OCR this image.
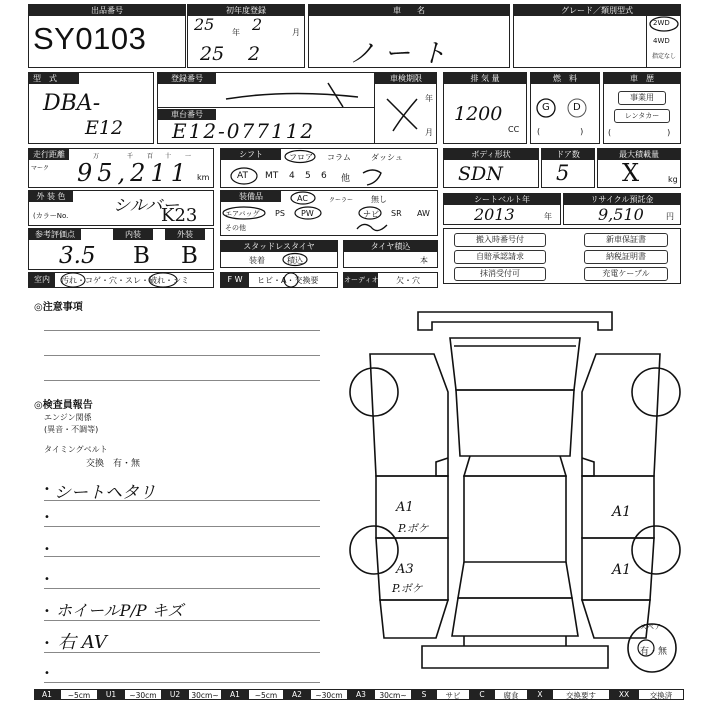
出品番号
SY0103
初年度登録
25 年 2	月
25 2
車　　名
ノート
グレード／類別型式
2WD
4WD
指定なし
型　式
DBA-
E12
登録番号
車台番号
E12-077112
車検期限
年
月
排 気 量
1200
CC
燃　料
G D
()
車　歴
事業用
レンタカー
()
走行距離
マーク
万	千 百 十 一
95,211 km
シフト	フロア コラム	ダッシュ
AT MT 4 5 6 他
ボディ形状
SDN
ドア数
5
最大積載量
X	kg
外 装 色
(カラーNo.	シルバー
K23
装備品	AC	クーラー 無し
エアバッグ PS PW	ナビ SR AW
その他
シートベルト年
2013	年
リサイクル預託金
9,510	円
参考評価点	内装	外装
3.5 B B	スタッドレスタイヤ
装着	積込
タイヤ積込
本
搬入時番号付	新車保証書
自賠承認請求	納税証明書
抹消受付可	充電ケーブル
室内	汚れ・コゲ・穴・スレ・破れ・シミ	F W	ヒビ・A・交換要	オーディオ 欠・穴
◎注意事項
◎検査員報告
エンジン関係
(異音・不調等)
タイミングベルト
交換　有・無
• シートヘタリ
•
•
•
• ホイールP/P キズ
• 右 AV
•
A1
P.ボケ
A1
A1
A3
P.ボケ
スペア
有・無
A1	~5cm	U1	~30cm	U2	30cm~	A1	~5cm	A2	~30cm	A3	30cm~	S	サビ	C	腐食	X	交換要す	XX	交換済
